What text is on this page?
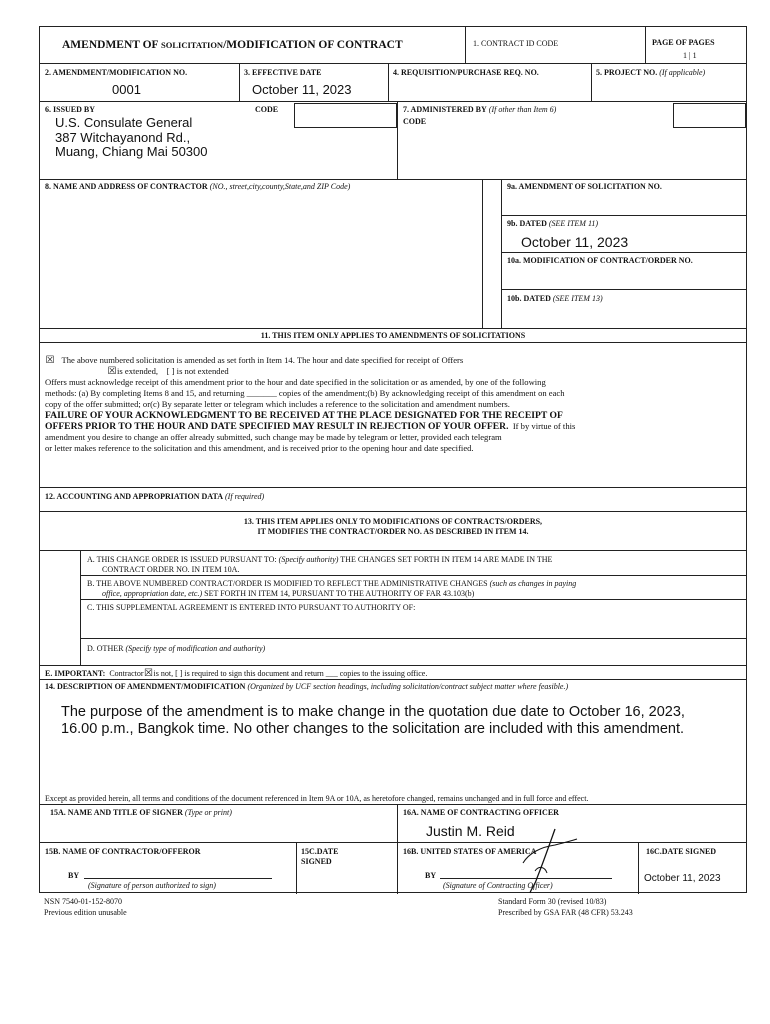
AMENDMENT OF SOLICITATION/MODIFICATION OF CONTRACT	1. CONTRACT ID CODE	PAGE OF PAGES
1 | 1
2. AMENDMENT/MODIFICATION NO.
0001
3. EFFECTIVE DATE
October 11, 2023
4. REQUISITION/PURCHASE REQ. NO.	5. PROJECT NO. (If applicable)
6. ISSUED BY	CODE
U.S. Consulate General
387 Witchayanond Rd.,
Muang, Chiang Mai 50300
7. ADMINISTERED BY (If other than Item 6)
CODE
8. NAME AND ADDRESS OF CONTRACTOR (NO., street,city,county,State,and ZIP Code)	9a. AMENDMENT OF SOLICITATION NO.
9b. DATED (SEE ITEM 11)
October 11, 2023
10a. MODIFICATION OF CONTRACT/ORDER NO.
10b. DATED (SEE ITEM 13)
11. THIS ITEM ONLY APPLIES TO AMENDMENTS OF SOLICITATIONS
☒ The above numbered solicitation is amended as set forth in Item 14. The hour and date specified for receipt of Offers
☒is extended, [ ] is not extended
Offers must acknowledge receipt of this amendment prior to the hour and date specified in the solicitation or as amended, by one of the following
methods: (a) By completing Items 8 and 15, and returning _______ copies of the amendment;(b) By acknowledging receipt of this amendment on each
copy of the offer submitted; or(c) By separate letter or telegram which includes a reference to the solicitation and amendment numbers.
FAILURE OF YOUR ACKNOWLEDGMENT TO BE RECEIVED AT THE PLACE DESIGNATED FOR THE RECEIPT OF
OFFERS PRIOR TO THE HOUR AND DATE SPECIFIED MAY RESULT IN REJECTION OF YOUR OFFER. If by virtue of this
amendment you desire to change an offer already submitted, such change may be made by telegram or letter, provided each telegram
or letter makes reference to the solicitation and this amendment, and is received prior to the opening hour and date specified.
12. ACCOUNTING AND APPROPRIATION DATA (If required)
13. THIS ITEM APPLIES ONLY TO MODIFICATIONS OF CONTRACTS/ORDERS,
IT MODIFIES THE CONTRACT/ORDER NO. AS DESCRIBED IN ITEM 14.
A. THIS CHANGE ORDER IS ISSUED PURSUANT TO: (Specify authority) THE CHANGES SET FORTH IN ITEM 14 ARE MADE IN THE
CONTRACT ORDER NO. IN ITEM 10A.
B. THE ABOVE NUMBERED CONTRACT/ORDER IS MODIFIED TO REFLECT THE ADMINISTRATIVE CHANGES (such as changes in paying
office, appropriation date, etc.) SET FORTH IN ITEM 14, PURSUANT TO THE AUTHORITY OF FAR 43.103(b)
C. THIS SUPPLEMENTAL AGREEMENT IS ENTERED INTO PURSUANT TO AUTHORITY OF:
D. OTHER (Specify type of modification and authority)
E. IMPORTANT: Contractor☒is not, [ ] is required to sign this document and return ___ copies to the issuing office.
14. DESCRIPTION OF AMENDMENT/MODIFICATION (Organized by UCF section headings, including solicitation/contract subject matter where feasible.)
The purpose of the amendment is to make change in the quotation due date to October 16, 2023,
16.00 p.m., Bangkok time. No other changes to the solicitation are included with this amendment.
Except as provided herein, all terms and conditions of the document referenced in Item 9A or 10A, as heretofore changed, remains unchanged and in full force and effect.
15A. NAME AND TITLE OF SIGNER (Type or print)	16A. NAME OF CONTRACTING OFFICER
Justin M. Reid
15B. NAME OF CONTRACTOR/OFFEROR
BY
(Signature of person authorized to sign)
15C.DATE
SIGNED
16B. UNITED STATES OF AMERICA
BY
(Signature of Contracting Officer)
16C.DATE SIGNED
October 11, 2023
NSN 7540-01-152-8070
Previous edition unusable
Standard Form 30 (revised 10/83)
Prescribed by GSA FAR (48 CFR) 53.243
